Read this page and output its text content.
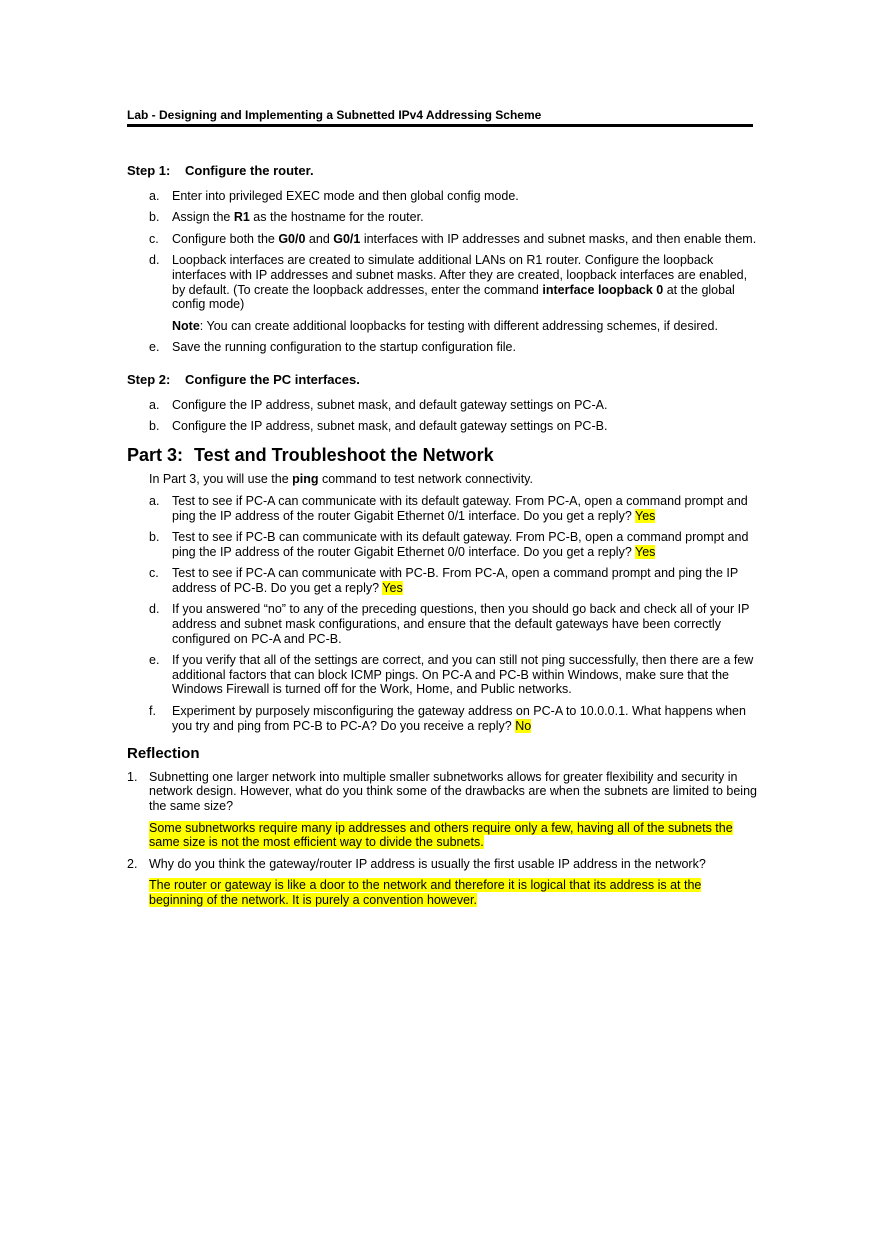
Lab - Designing and Implementing a Subnetted IPv4 Addressing Scheme
Step 1: Configure the router.
a. Enter into privileged EXEC mode and then global config mode.
b. Assign the R1 as the hostname for the router.
c. Configure both the G0/0 and G0/1 interfaces with IP addresses and subnet masks, and then enable them.
d. Loopback interfaces are created to simulate additional LANs on R1 router. Configure the loopback interfaces with IP addresses and subnet masks. After they are created, loopback interfaces are enabled, by default. (To create the loopback addresses, enter the command interface loopback 0 at the global config mode)
Note: You can create additional loopbacks for testing with different addressing schemes, if desired.
e. Save the running configuration to the startup configuration file.
Step 2: Configure the PC interfaces.
a. Configure the IP address, subnet mask, and default gateway settings on PC-A.
b. Configure the IP address, subnet mask, and default gateway settings on PC-B.
Part 3: Test and Troubleshoot the Network
In Part 3, you will use the ping command to test network connectivity.
a. Test to see if PC-A can communicate with its default gateway. From PC-A, open a command prompt and ping the IP address of the router Gigabit Ethernet 0/1 interface. Do you get a reply? Yes
b. Test to see if PC-B can communicate with its default gateway. From PC-B, open a command prompt and ping the IP address of the router Gigabit Ethernet 0/0 interface. Do you get a reply? Yes
c. Test to see if PC-A can communicate with PC-B. From PC-A, open a command prompt and ping the IP address of PC-B. Do you get a reply? Yes
d. If you answered “no” to any of the preceding questions, then you should go back and check all of your IP address and subnet mask configurations, and ensure that the default gateways have been correctly configured on PC-A and PC-B.
e. If you verify that all of the settings are correct, and you can still not ping successfully, then there are a few additional factors that can block ICMP pings. On PC-A and PC-B within Windows, make sure that the Windows Firewall is turned off for the Work, Home, and Public networks.
f. Experiment by purposely misconfiguring the gateway address on PC-A to 10.0.0.1. What happens when you try and ping from PC-B to PC-A? Do you receive a reply? No
Reflection
1. Subnetting one larger network into multiple smaller subnetworks allows for greater flexibility and security in network design. However, what do you think some of the drawbacks are when the subnets are limited to being the same size?
Some subnetworks require many ip addresses and others require only a few, having all of the subnets the same size is not the most efficient way to divide the subnets.
2. Why do you think the gateway/router IP address is usually the first usable IP address in the network?
The router or gateway is like a door to the network and therefore it is logical that its address is at the beginning of the network. It is purely a convention however.
